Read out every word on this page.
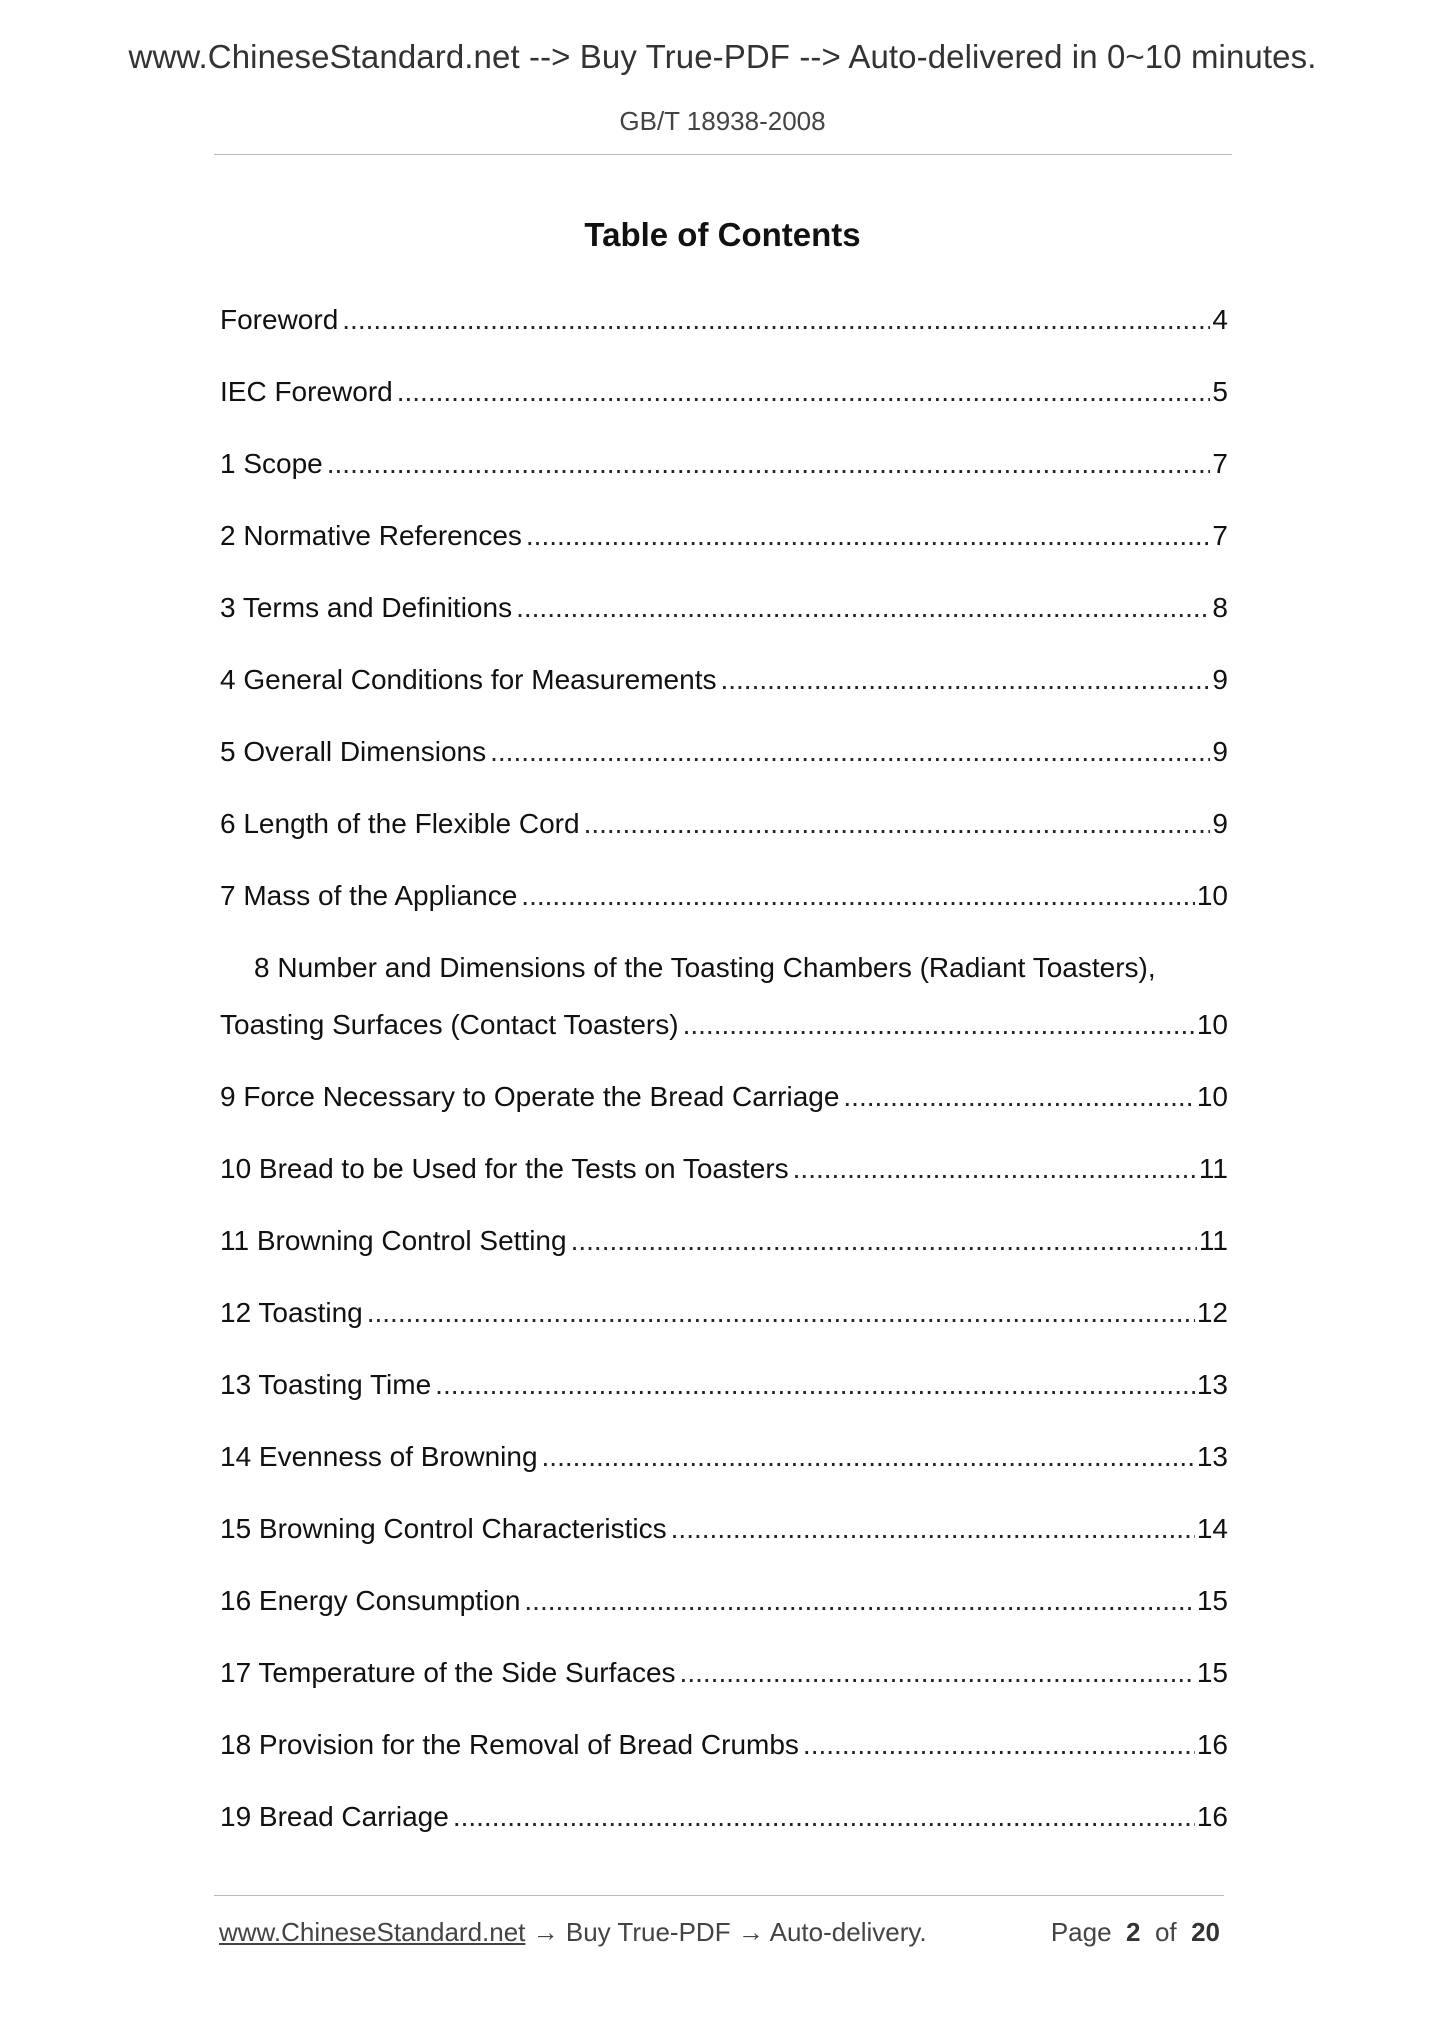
www.ChineseStandard.net --> Buy True-PDF --> Auto-delivered in 0~10 minutes.
GB/T 18938-2008
Table of Contents
Foreword .....	4
IEC Foreword .....	5
1 Scope .....	7
2 Normative References .....	7
3 Terms and Definitions .....	8
4 General Conditions for Measurements .....	9
5 Overall Dimensions .....	9
6 Length of the Flexible Cord .....	9
7 Mass of the Appliance .....	10
8 Number and Dimensions of the Toasting Chambers (Radiant Toasters),
Toasting Surfaces (Contact Toasters) .....	10
9 Force Necessary to Operate the Bread Carriage .....	10
10 Bread to be Used for the Tests on Toasters .....	11
11 Browning Control Setting .....	11
12 Toasting .....	12
13 Toasting Time .....	13
14 Evenness of Browning .....	13
15 Browning Control Characteristics .....	14
16 Energy Consumption .....	15
17 Temperature of the Side Surfaces .....	15
18 Provision for the Removal of Bread Crumbs .....	16
19 Bread Carriage .....	16
www.ChineseStandard.net → Buy True-PDF → Auto-delivery.	Page 2 of 20
